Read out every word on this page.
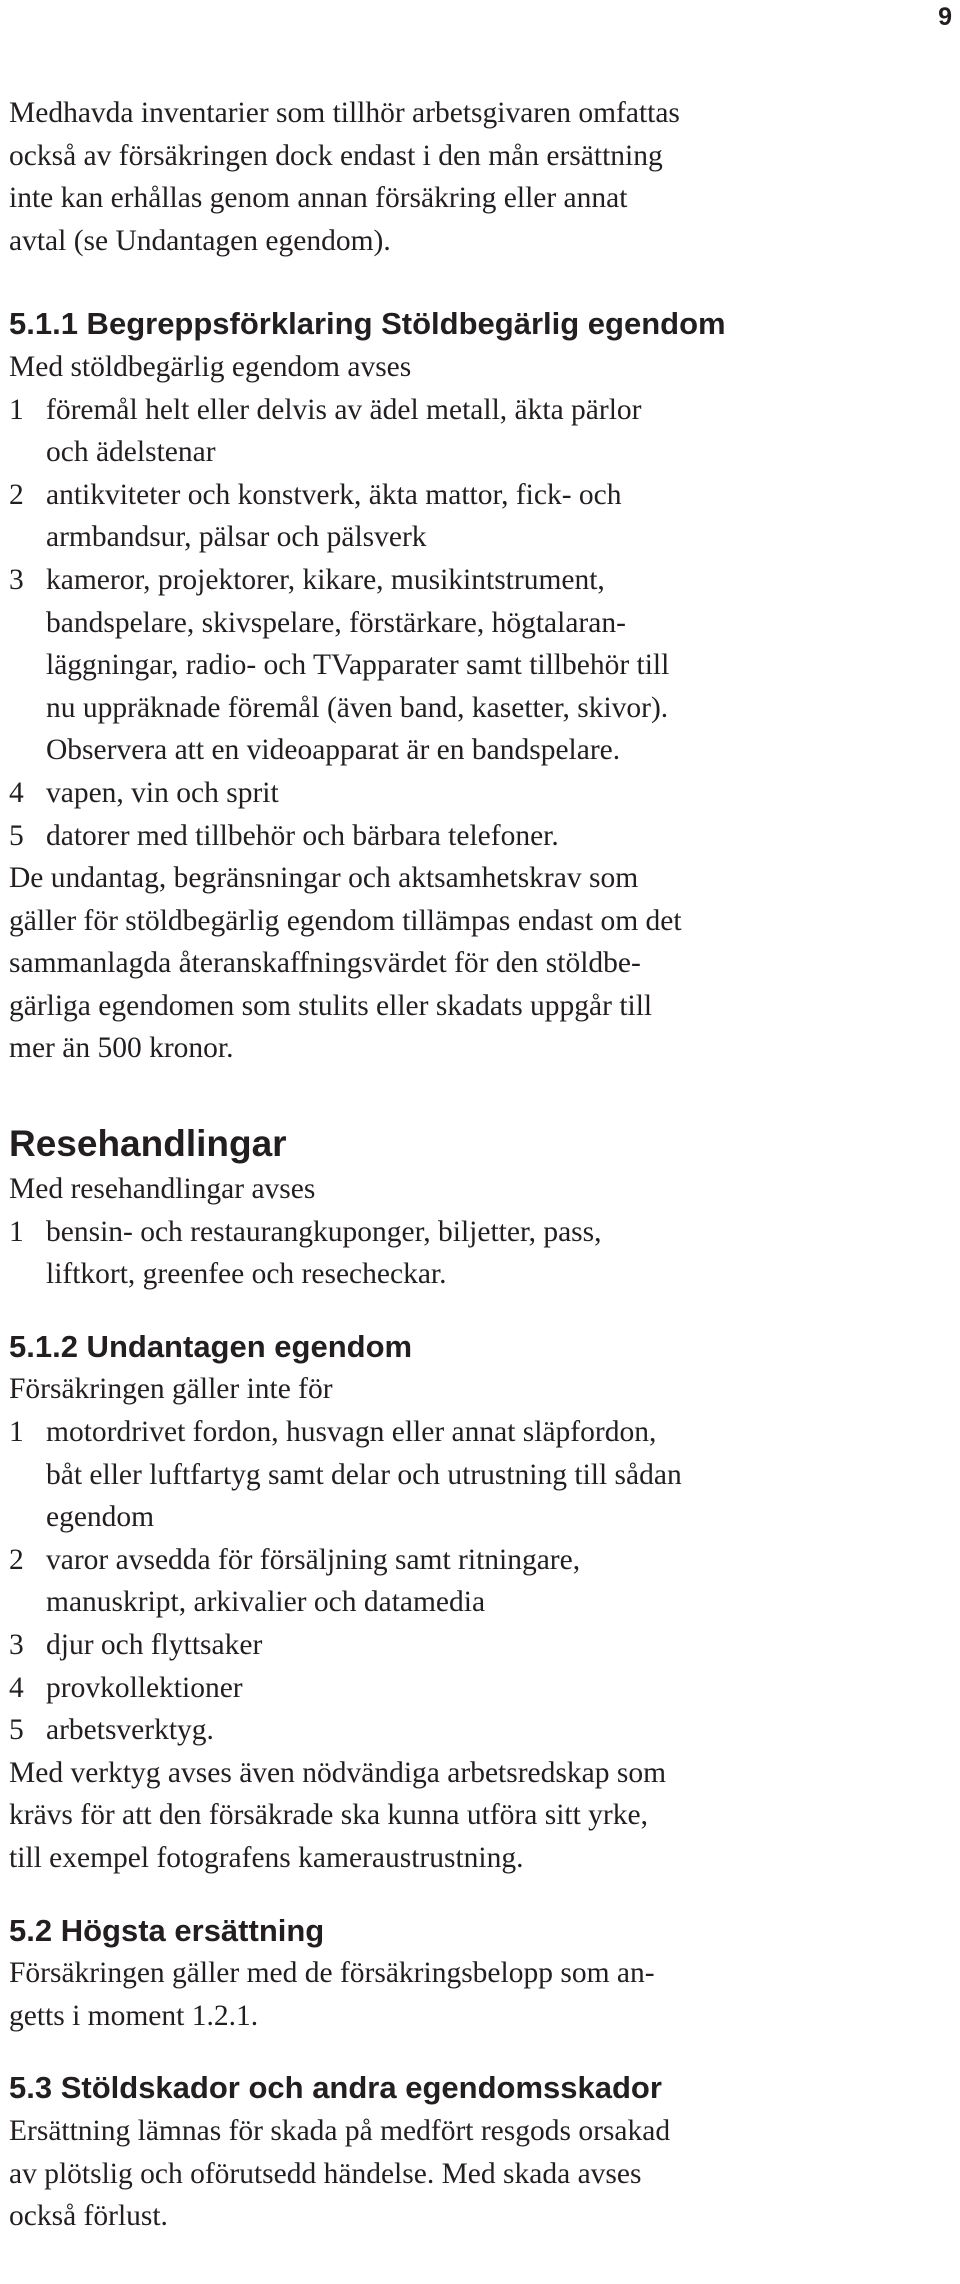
9

Medhavda inventarier som tillhör arbetsgivaren omfattas
också av försäkringen dock endast i den mån ersättning
inte kan erhållas genom annan försäkring eller annat
avtal (se Undantagen egendom).

5.1.1 Begreppsförklaring Stöldbegärlig egendom

Med stöldbegärlig egendom avses

1 föremål helt eller delvis av ädel metall, äkta pärlor
och ädelstenar
2 antikviteter och konstverk, äkta mattor, fick- och
armbandsur, pälsar och pälsverk
3 kameror, projektorer, kikare, musikintstrument,
bandspelare, skivspelare, förstärkare, högtalaran-
läggningar, radio- och TVapparater samt tillbehör till
nu uppräknade föremål (även band, kasetter, skivor).
Observera att en videoapparat är en bandspelare.
4 vapen, vin och sprit
5 datorer med tillbehör och bärbara telefoner.

De undantag, begränsningar och aktsamhetskrav som
gäller för stöldbegärlig egendom tillämpas endast om det
sammanlagda återanskaffningsvärdet för den stöldbe-
gärliga egendomen som stulits eller skadats uppgår till
mer än 500 kronor.

Resehandlingar

Med resehandlingar avses

1 bensin- och restaurangkuponger, biljetter, pass,
liftkort, greenfee och resecheckar.
5.1.2 Undantagen egendom

Försäkringen gäller inte för

1 motordrivet fordon, husvagn eller annat släpfordon,
båt eller luftfartyg samt delar och utrustning till sådan
egendom
2 varor avsedda för försäljning samt ritningare,
manuskript, arkivalier och datamedia
3 djur och flyttsaker
4 provkollektioner
5 arbetsverktyg.

Med verktyg avses även nödvändiga arbetsredskap som
krävs för att den försäkrade ska kunna utföra sitt yrke,
till exempel fotografens kameraustrustning.

5.2 Högsta ersättning

Försäkringen gäller med de försäkringsbelopp som an-
getts i moment 1.2.1.

5.3 Stöldskador och andra egendomsskador

Ersättning lämnas för skada på medfört resgods orsakad
av plötslig och oförutsedd händelse. Med skada avses
också förlust.
